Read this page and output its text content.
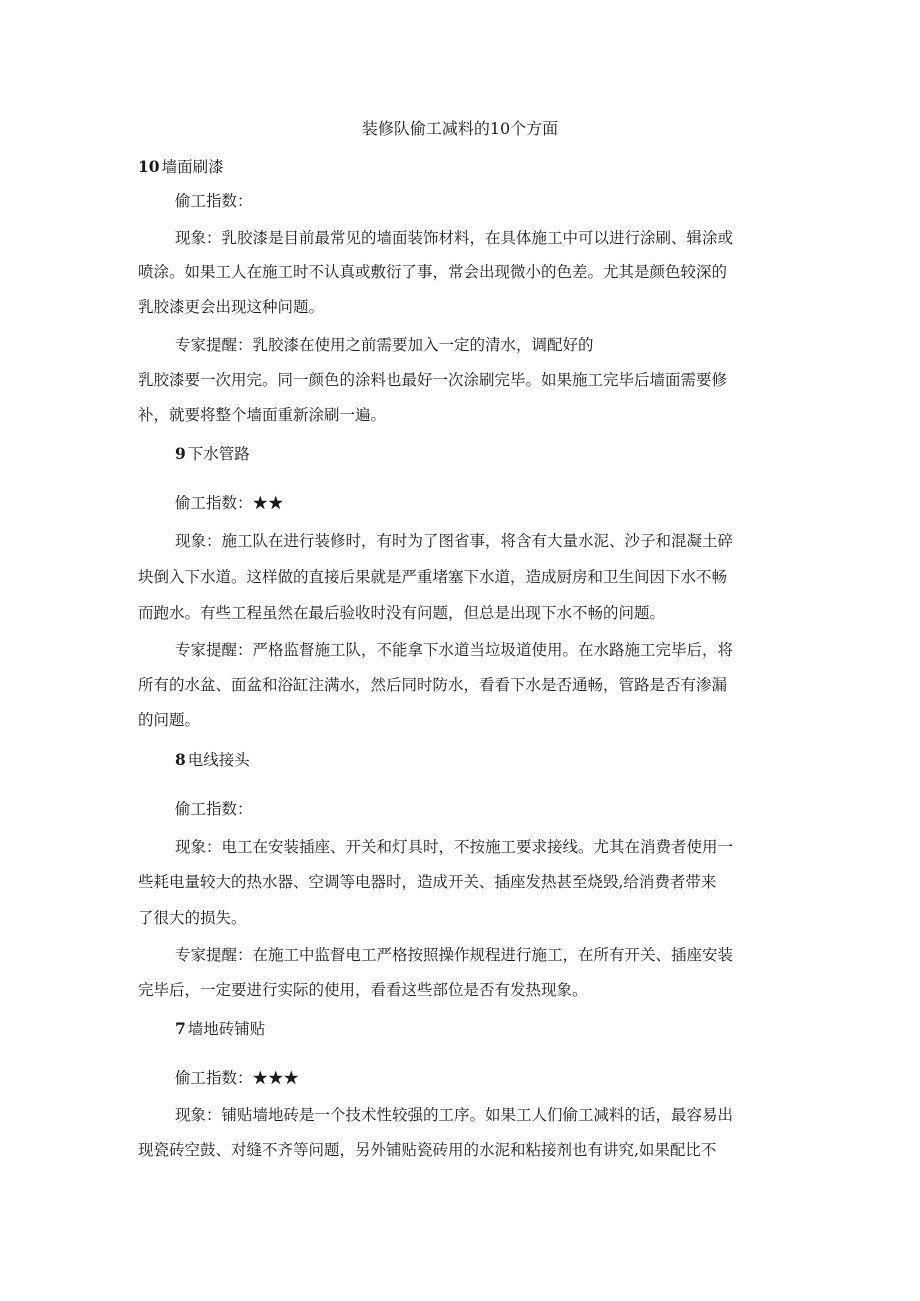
装修队偷工减料的10个方面
10 墙面刷漆
偷工指数：
现象：乳胶漆是目前最常见的墙面装饰材料，在具体施工中可以进行涂刷、辑涂或
喷涂。如果工人在施工时不认真或敷衍了事，常会出现微小的色差。尤其是颜色较深的
乳胶漆更会出现这种问题。
专家提醒：乳胶漆在使用之前需要加入一定的清水，调配好的
乳胶漆要一次用完。同一颜色的涂料也最好一次涂刷完毕。如果施工完毕后墙面需要修
补，就要将整个墙面重新涂刷一遍。
9 下水管路
偷工指数：★★
现象：施工队在进行装修时，有时为了图省事，将含有大量水泥、沙子和混凝土碎
块倒入下水道。这样做的直接后果就是严重堵塞下水道，造成厨房和卫生间因下水不畅
而跑水。有些工程虽然在最后验收时没有问题，但总是出现下水不畅的问题。
专家提醒：严格监督施工队，不能拿下水道当垃圾道使用。在水路施工完毕后，将
所有的水盆、面盆和浴缸注满水，然后同时防水，看看下水是否通畅，管路是否有渗漏
的问题。
8 电线接头
偷工指数：
现象：电工在安装插座、开关和灯具时，不按施工要求接线。尤其在消费者使用一
些耗电量较大的热水器、空调等电器时，造成开关、插座发热甚至烧毁,给消费者带来
了很大的损失。
专家提醒：在施工中监督电工严格按照操作规程进行施工，在所有开关、插座安装
完毕后，一定要进行实际的使用，看看这些部位是否有发热现象。
7 墙地砖铺贴
偷工指数：★★★
现象：铺贴墙地砖是一个技术性较强的工序。如果工人们偷工减料的话，最容易出
现瓷砖空鼓、对缝不齐等问题，另外铺贴瓷砖用的水泥和粘接剂也有讲究,如果配比不
